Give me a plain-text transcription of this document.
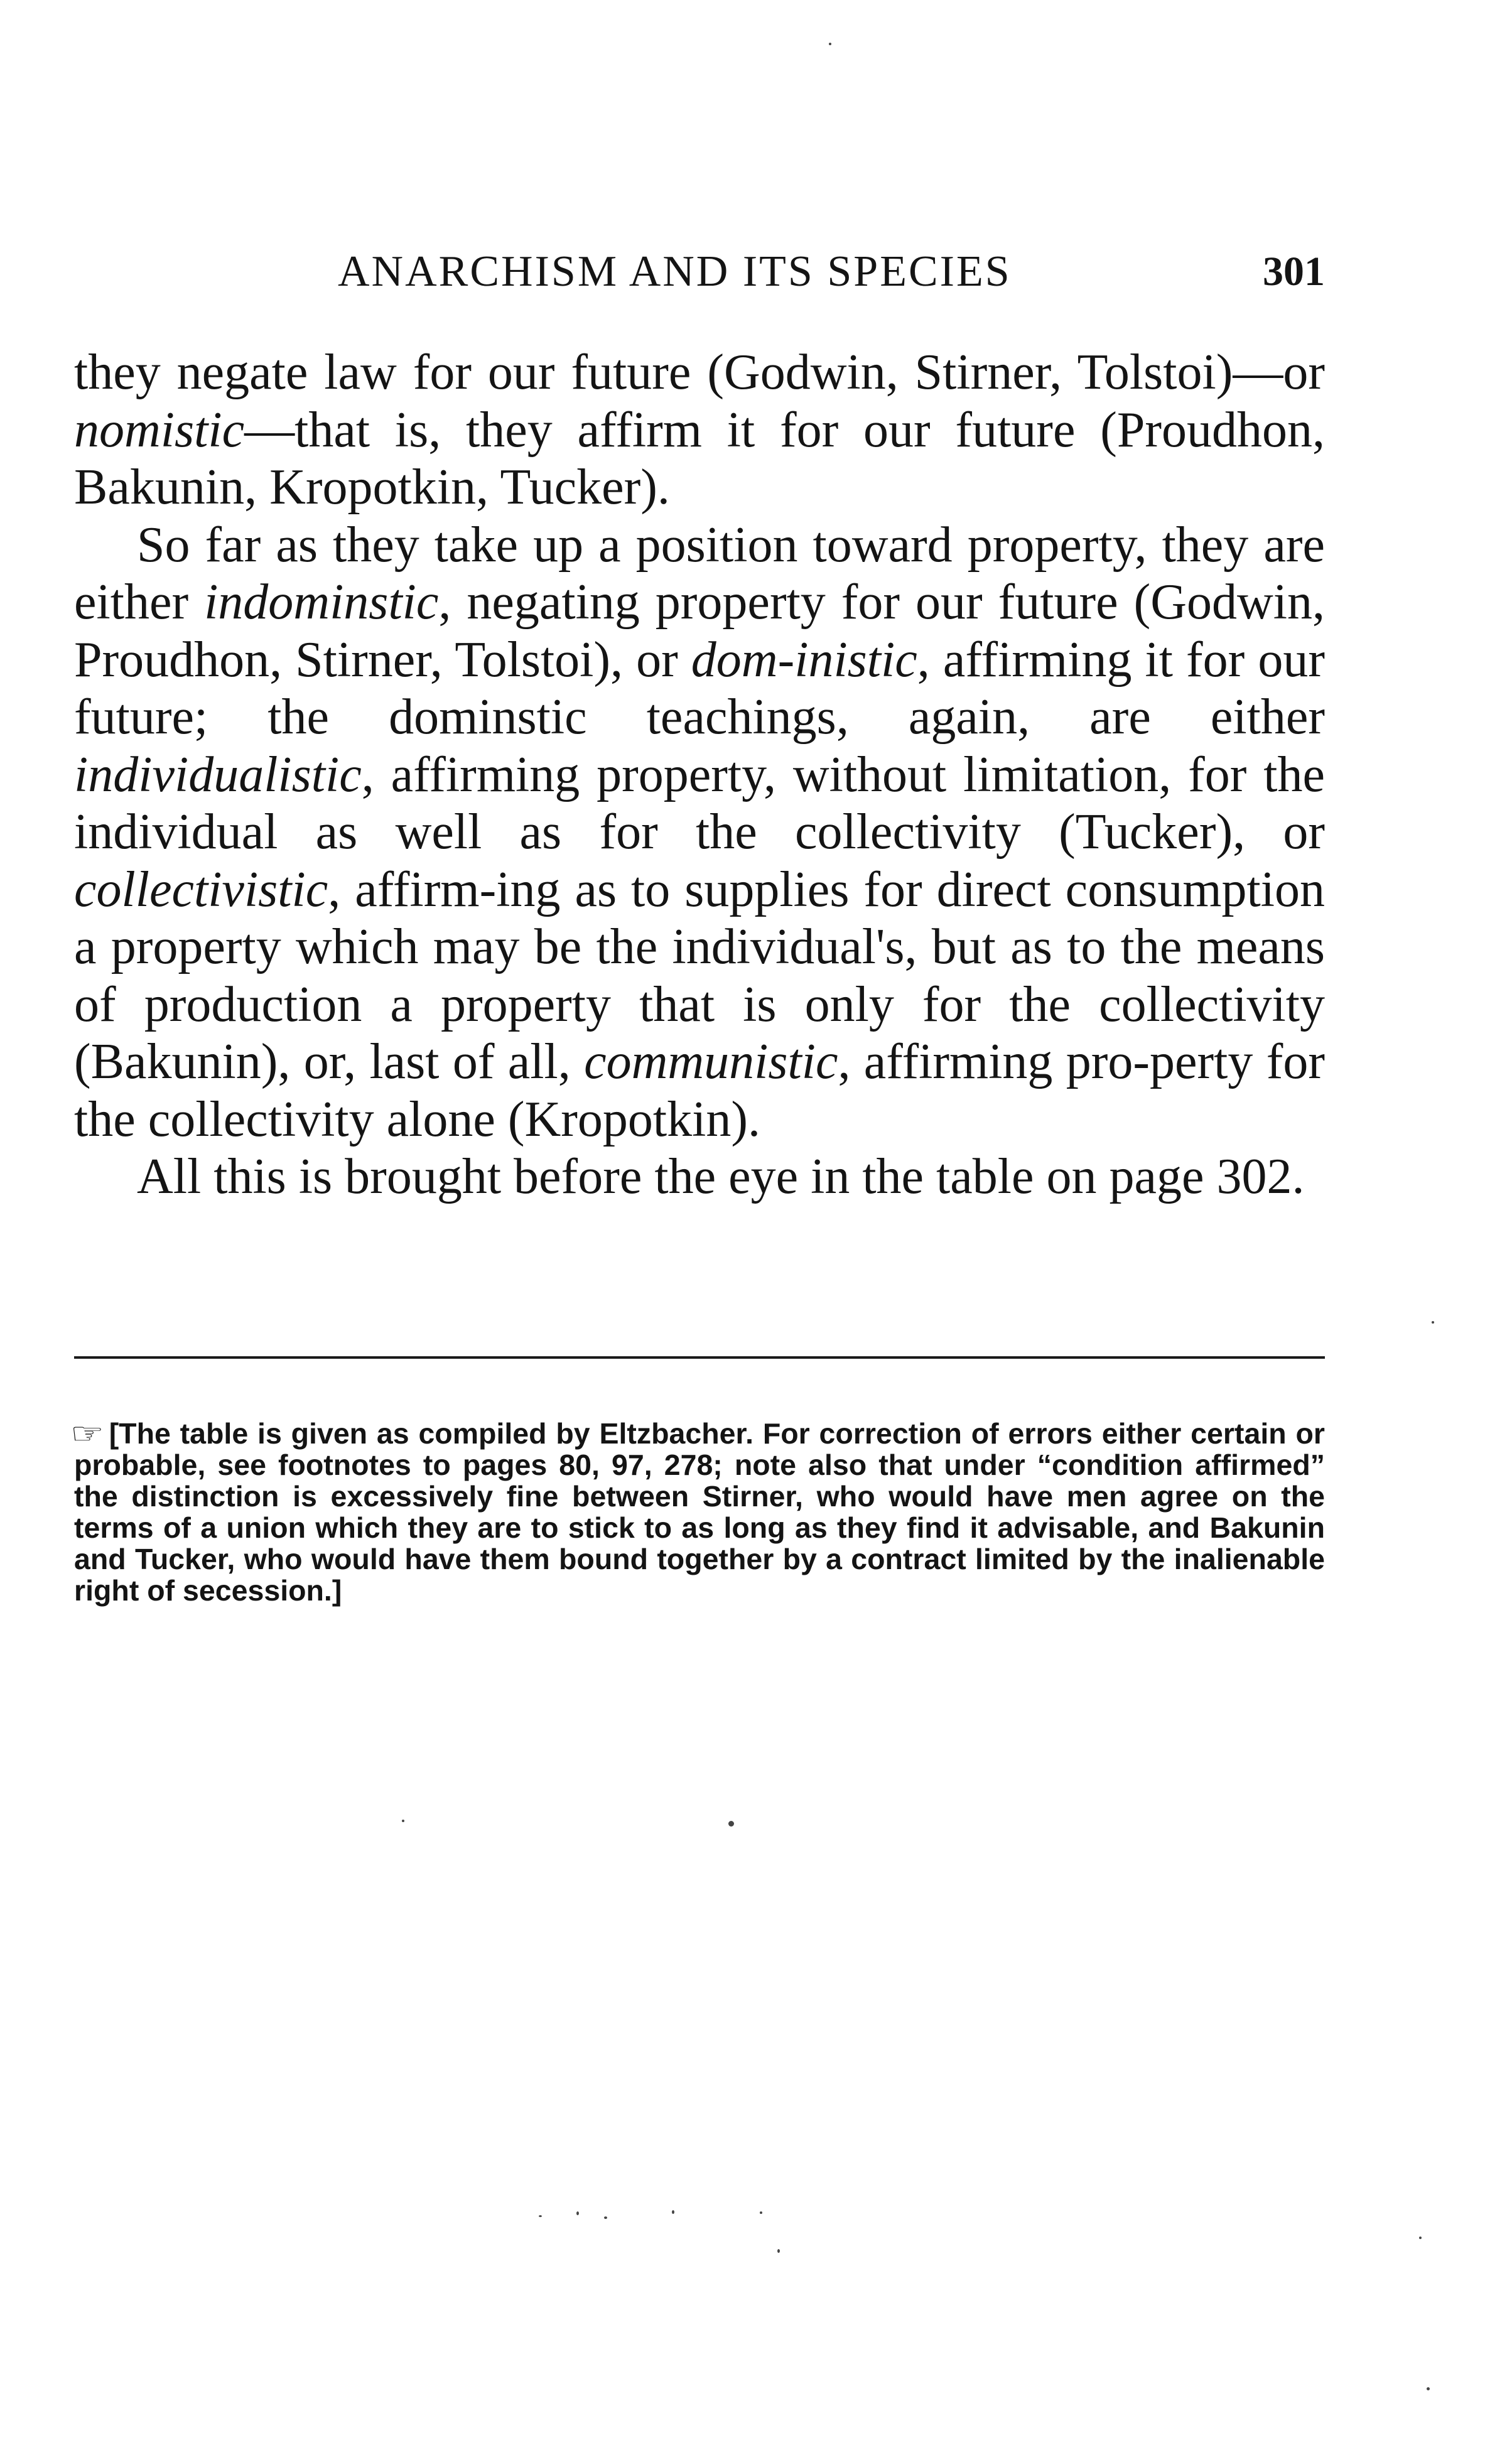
ANARCHISM AND ITS SPECIES	301

they negate law for our future (Godwin, Stirner, Tolstoi)—or nomistic—that is, they affirm it for our future (Proudhon, Bakunin, Kropotkin, Tucker).

So far as they take up a position toward property, they are either indominstic, negating property for our future (Godwin, Proudhon, Stirner, Tolstoi), or dom-inistic, affirming it for our future; the dominstic teachings, again, are either individualistic, affirming property, without limitation, for the individual as well as for the collectivity (Tucker), or collectivistic, affirm-ing as to supplies for direct consumption a property which may be the individual's, but as to the means of production a property that is only for the collectivity (Bakunin), or, last of all, communistic, affirming pro-perty for the collectivity alone (Kropotkin).

All this is brought before the eye in the table on page 302.

☞ [The table is given as compiled by Eltzbacher. For correction of errors either certain or probable, see footnotes to pages 80, 97, 278; note also that under “condition affirmed” the distinction is excessively fine between Stirner, who would have men agree on the terms of a union which they are to stick to as long as they find it advisable, and Bakunin and Tucker, who would have them bound together by a contract limited by the inalienable right of secession.]
